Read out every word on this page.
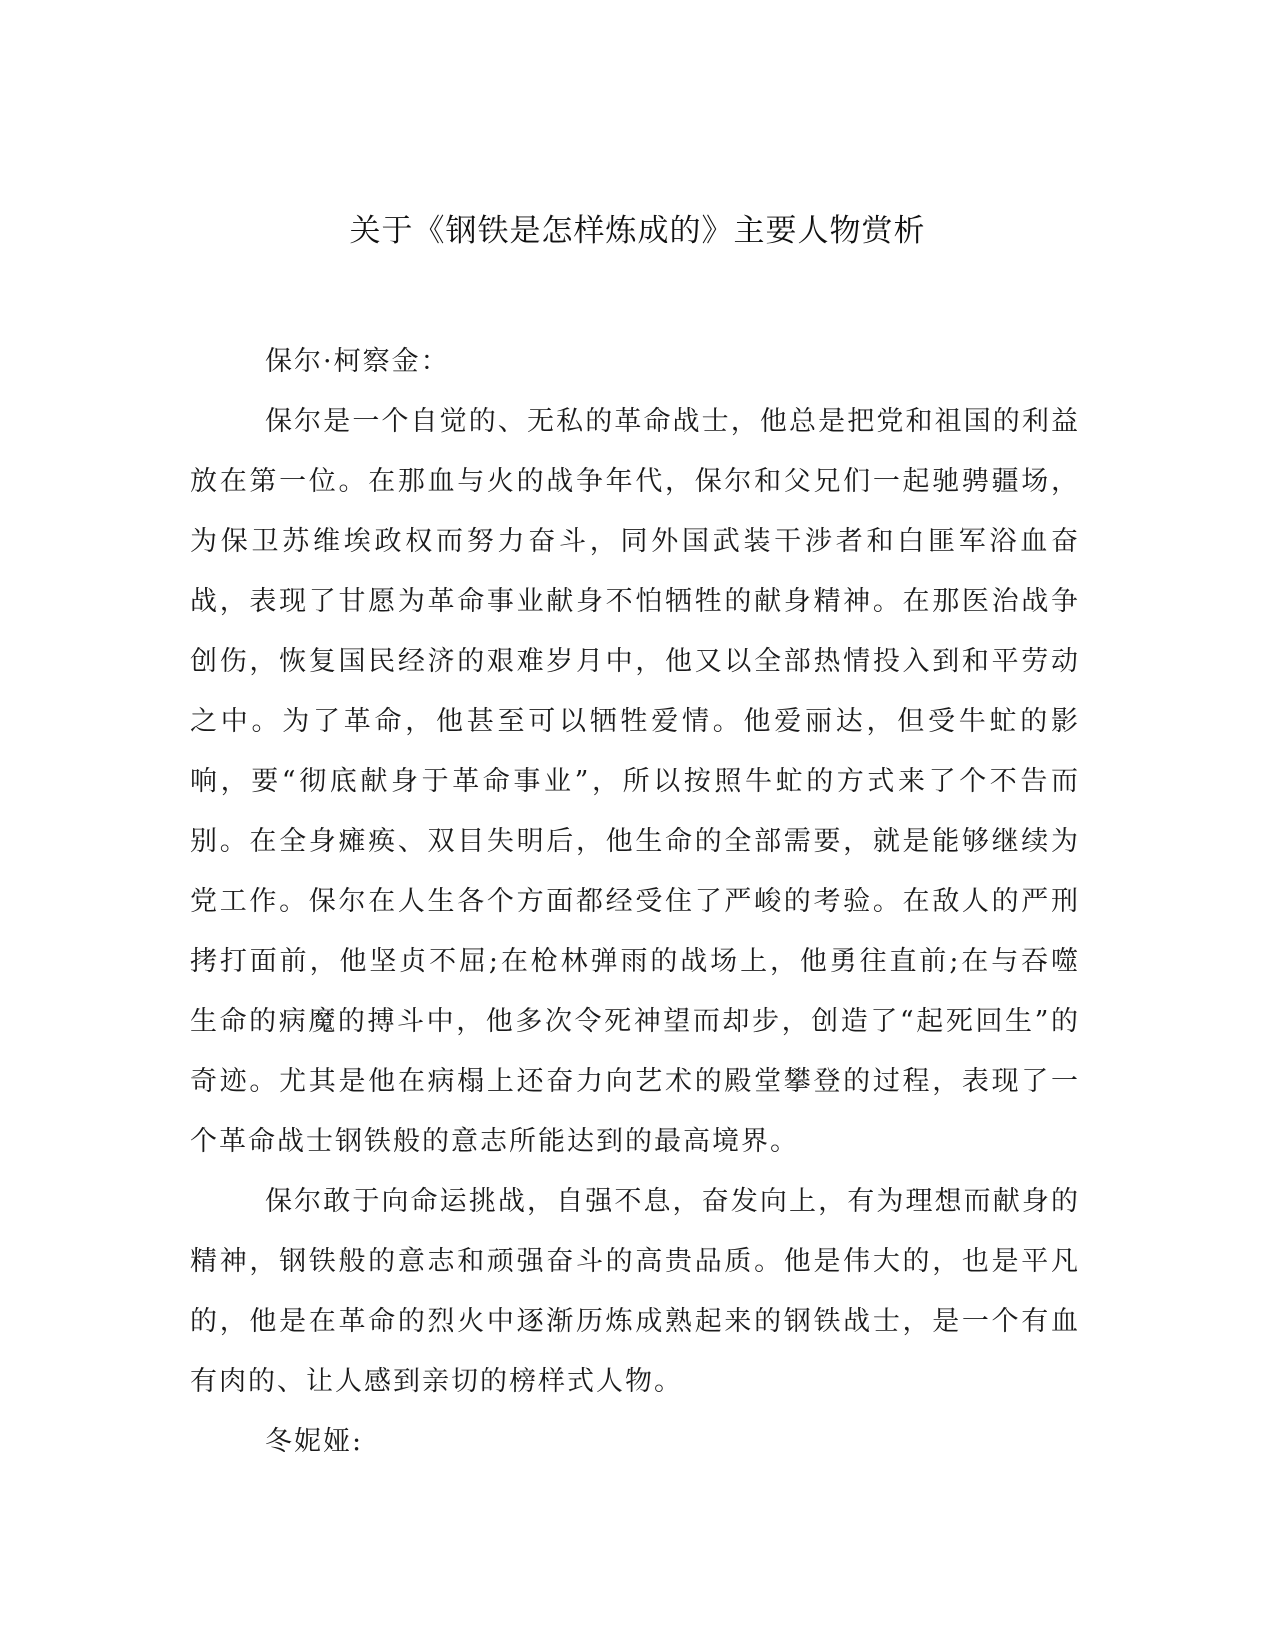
关于《钢铁是怎样炼成的》主要人物赏析

保尔·柯察金：

保尔是一个自觉的、无私的革命战士，他总是把党和祖国的利益放在第一位。在那血与火的战争年代，保尔和父兄们一起驰骋疆场，为保卫苏维埃政权而努力奋斗，同外国武装干涉者和白匪军浴血奋战，表现了甘愿为革命事业献身不怕牺牲的献身精神。在那医治战争创伤，恢复国民经济的艰难岁月中，他又以全部热情投入到和平劳动之中。为了革命，他甚至可以牺牲爱情。他爱丽达，但受牛虻的影响，要“彻底献身于革命事业”，所以按照牛虻的方式来了个不告而别。在全身瘫痪、双目失明后，他生命的全部需要，就是能够继续为党工作。保尔在人生各个方面都经受住了严峻的考验。在敌人的严刑拷打面前，他坚贞不屈;在枪林弹雨的战场上，他勇往直前;在与吞噬生命的病魔的搏斗中，他多次令死神望而却步，创造了“起死回生”的奇迹。尤其是他在病榻上还奋力向艺术的殿堂攀登的过程，表现了一个革命战士钢铁般的意志所能达到的最高境界。

保尔敢于向命运挑战，自强不息，奋发向上，有为理想而献身的精神，钢铁般的意志和顽强奋斗的高贵品质。他是伟大的，也是平凡的，他是在革命的烈火中逐渐历炼成熟起来的钢铁战士，是一个有血有肉的、让人感到亲切的榜样式人物。

冬妮娅:
